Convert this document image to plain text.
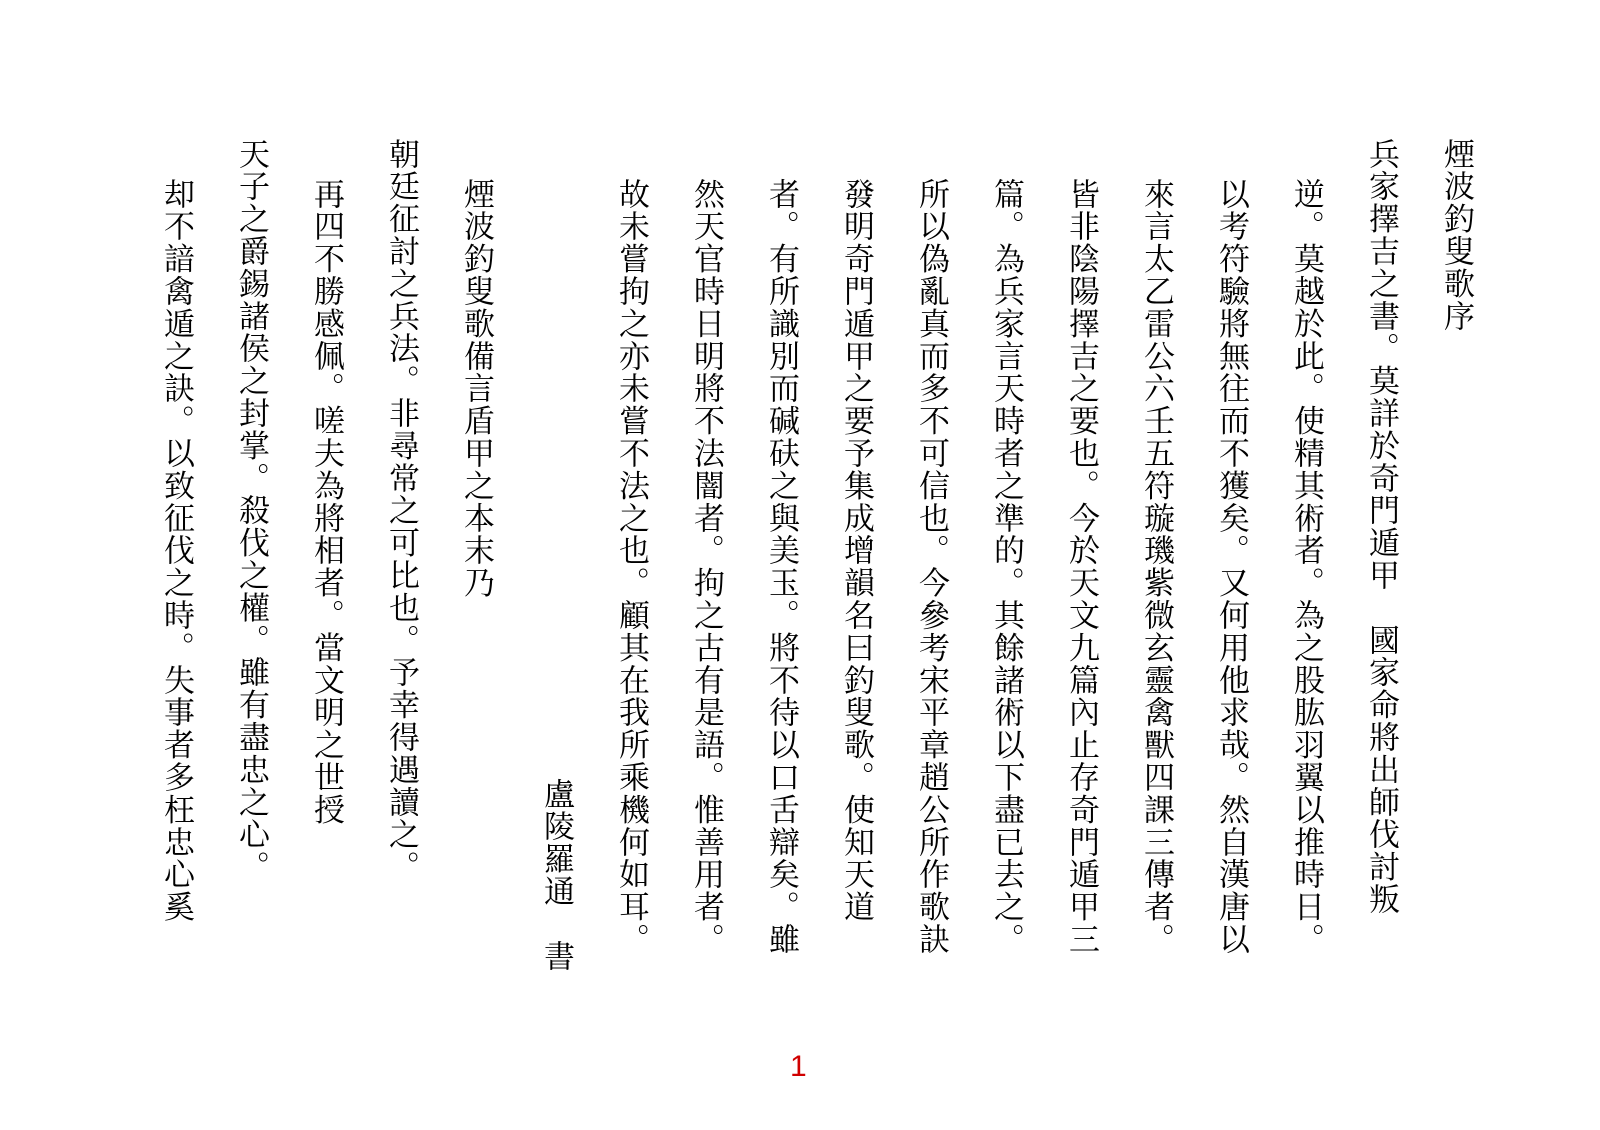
煙波釣叟歌序
兵家擇吉之書。莫詳於奇門遁甲　國家命將出師伐討叛
逆。莫越於此。使精其術者。為之股肱羽翼以推時日。
以考符驗將無往而不獲矣。又何用他求哉。然自漢唐以
來言太乙雷公六壬五符璇璣紫微玄靈禽獸四課三傳者。
皆非陰陽擇吉之要也。今於天文九篇內止存奇門遁甲三
篇。為兵家言天時者之準的。其餘諸術以下盡已去之。
所以偽亂真而多不可信也。今參考宋平章趙公所作歌訣
發明奇門遁甲之要予集成增韻名曰釣叟歌。使知天道
者。有所識別而碱砆之與美玉。將不待以口舌辯矣。雖
然天官時日明將不法闇者。拘之古有是語。惟善用者。
故未嘗拘之亦未嘗不法之也。顧其在我所乘機何如耳。
盧陵羅通　書
煙波釣叟歌備言盾甲之本末乃
朝廷征討之兵法。非尋常之可比也。予幸得遇讀之。
再四不勝感佩。嗟夫為將相者。當文明之世授
天子之爵錫諸侯之封掌。殺伐之權。雖有盡忠之心。
却不諳禽遁之訣。以致征伐之時。失事者多枉忠心奚
1
